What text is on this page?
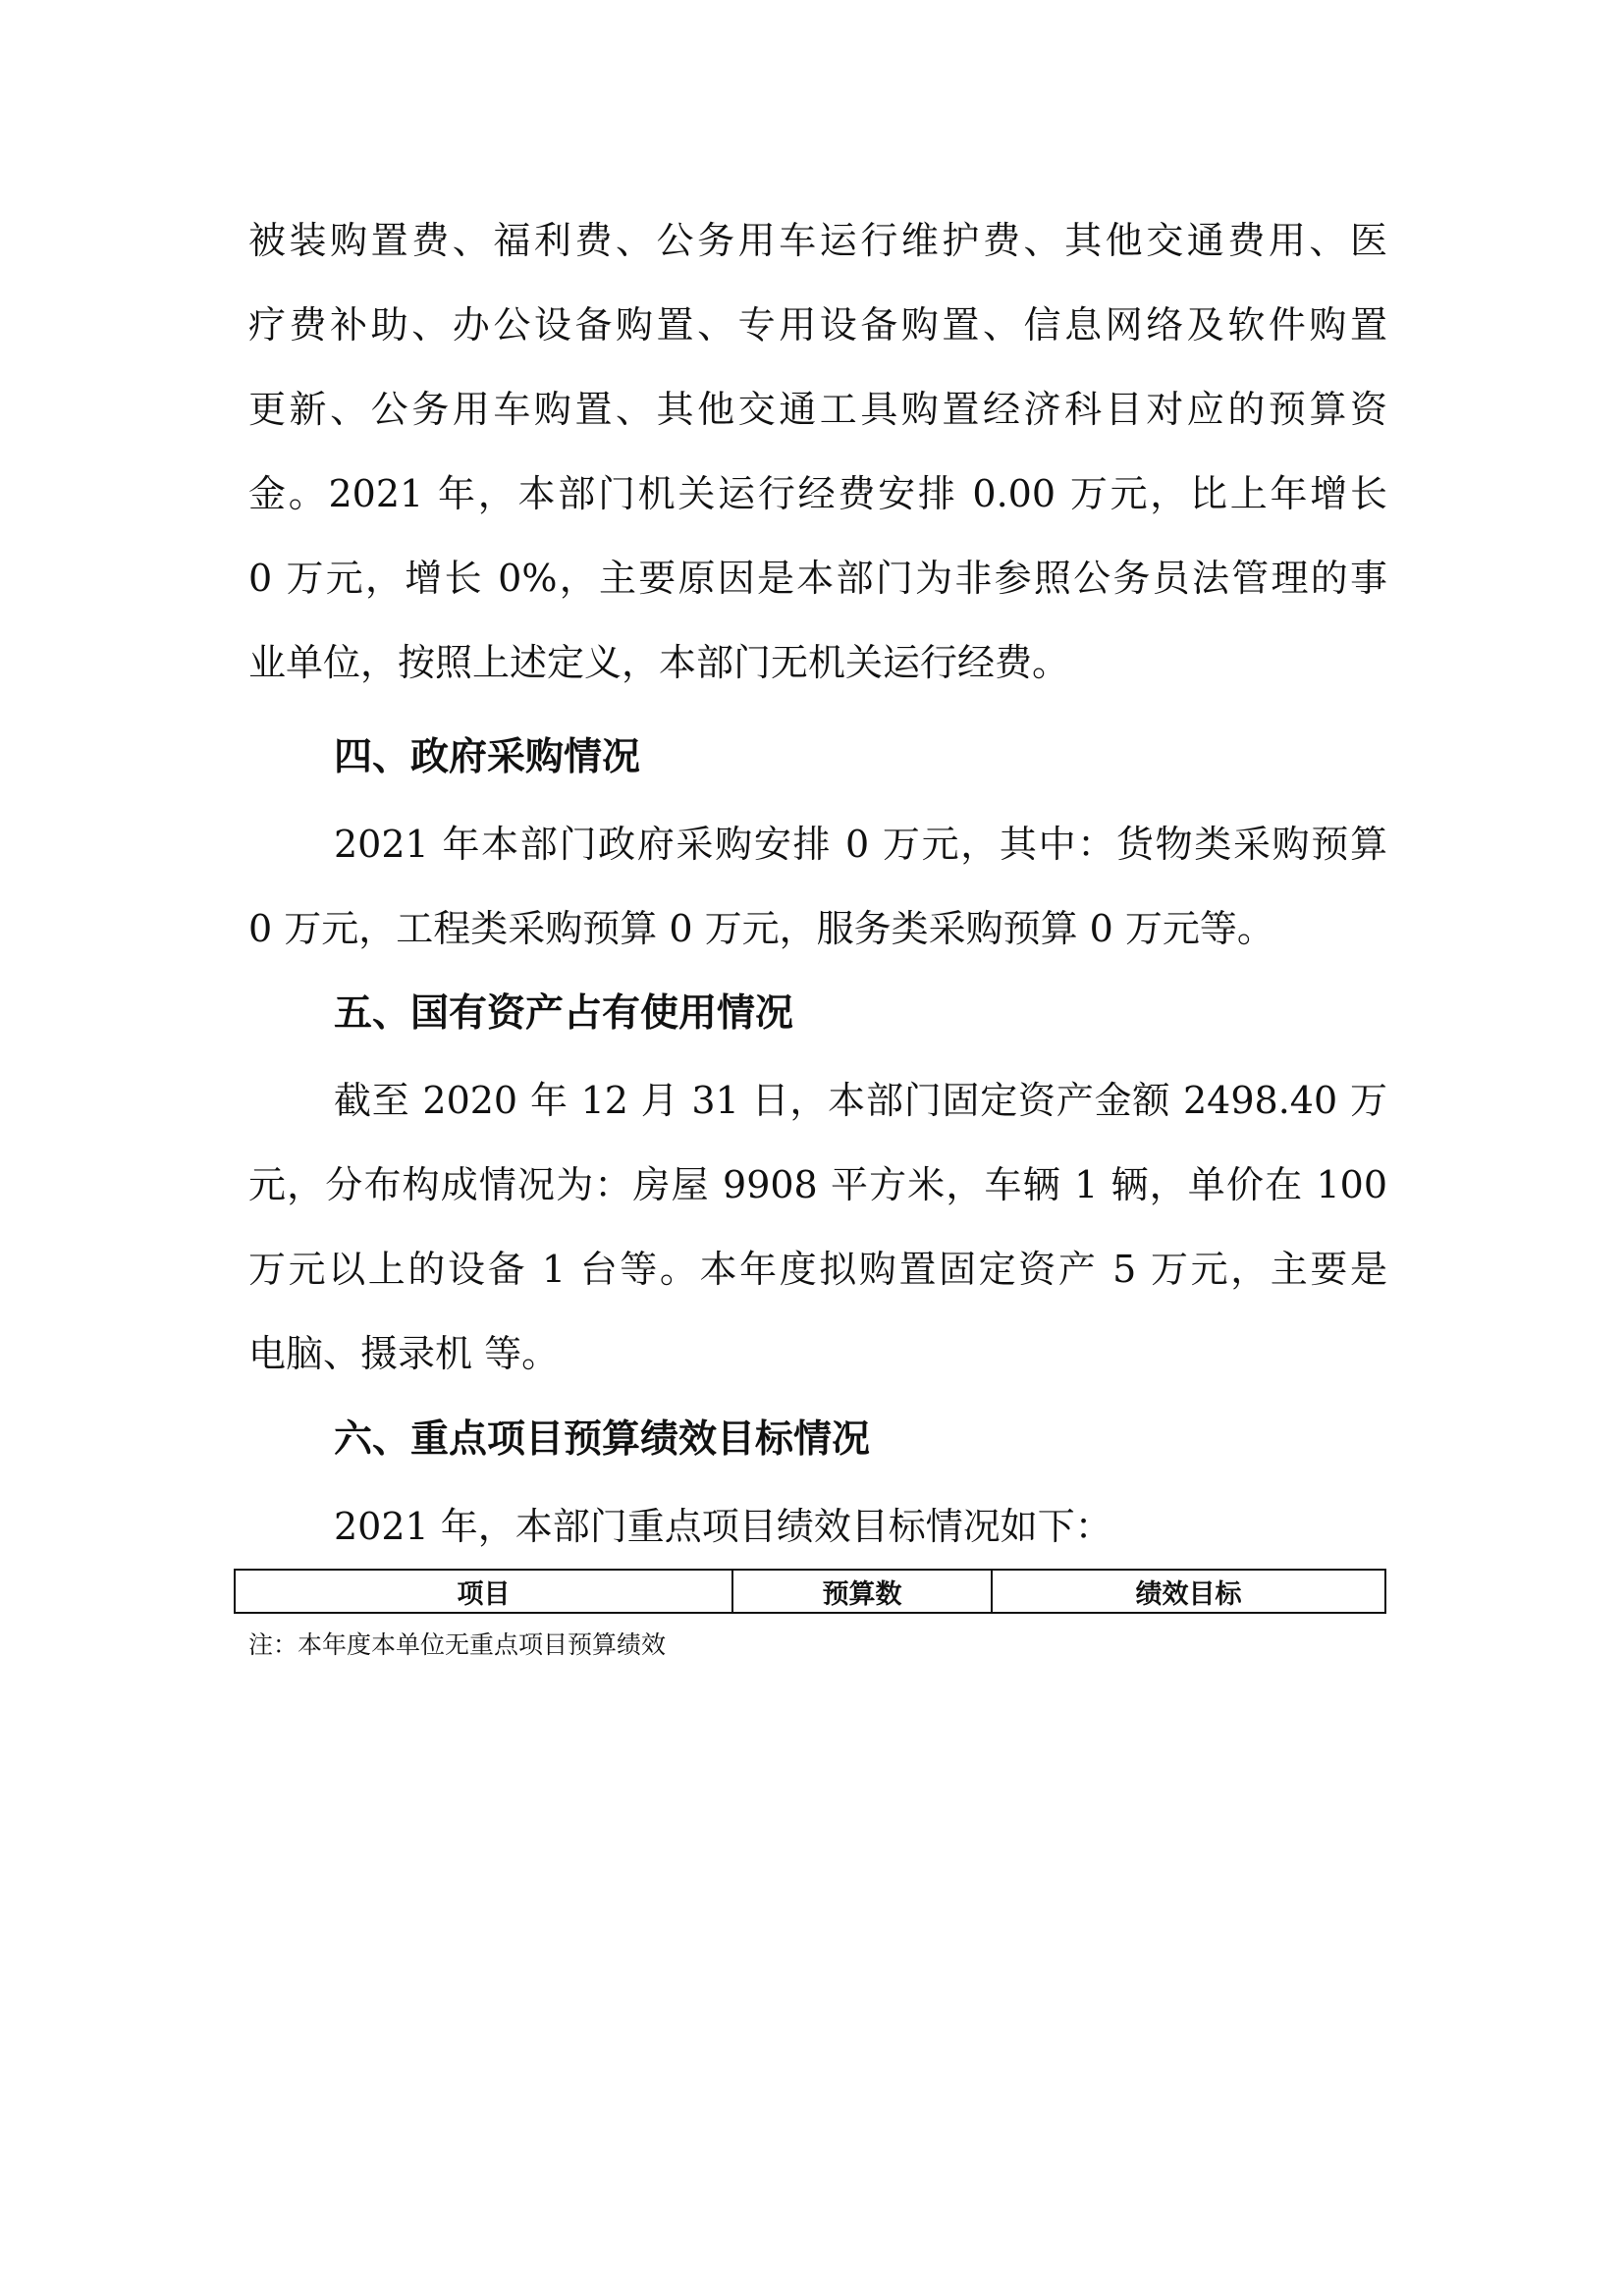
被装购置费、福利费、公务用车运行维护费、其他交通费用、医
疗费补助、办公设备购置、专用设备购置、信息网络及软件购置
更新、公务用车购置、其他交通工具购置经济科目对应的预算资
金。2021 年，本部门机关运行经费安排 0.00 万元，比上年增长
0 万元，增长 0%，主要原因是本部门为非参照公务员法管理的事
业单位，按照上述定义，本部门无机关运行经费。
四、政府采购情况
2021 年本部门政府采购安排 0 万元，其中：货物类采购预算
0 万元，工程类采购预算 0 万元，服务类采购预算 0 万元等。
五、国有资产占有使用情况
截至 2020 年 12 月 31 日，本部门固定资产金额 2498.40 万
元，分布构成情况为：房屋 9908 平方米，车辆 1 辆，单价在 100
万元以上的设备 1 台等。本年度拟购置固定资产 5 万元，主要是
电脑、摄录机 等。
六、重点项目预算绩效目标情况
2021 年，本部门重点项目绩效目标情况如下：
项目	预算数	绩效目标
注：本年度本单位无重点项目预算绩效
